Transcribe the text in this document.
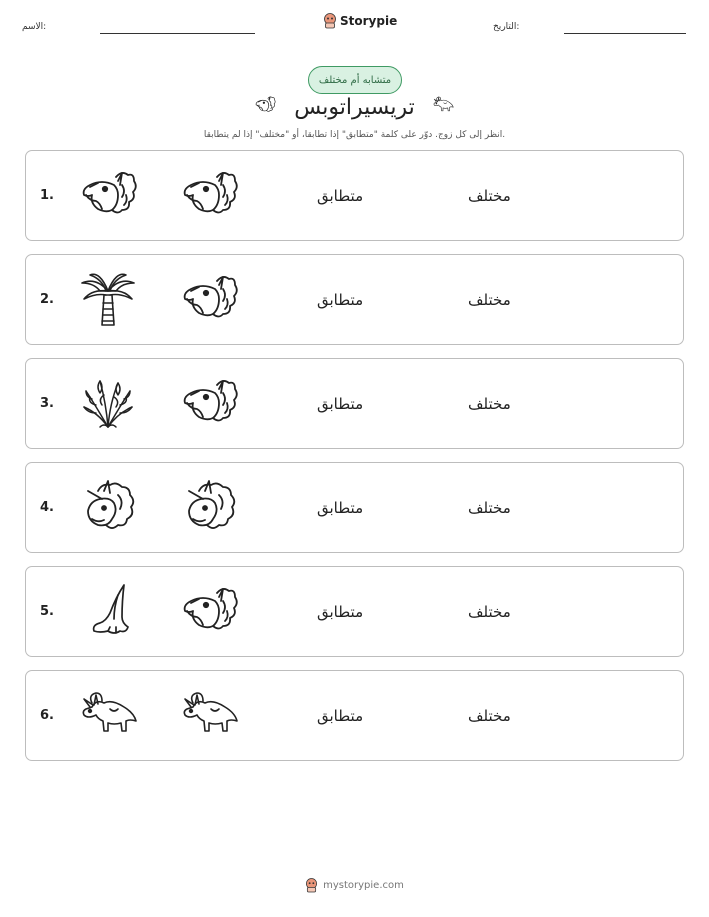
الاسم:	Storypie	التاريخ:
متشابه أم مختلف
تريسيراتوبس
انظر إلى كل زوج. دوّر على كلمة "متطابق" إذا تطابقا، أو "مختلف" إذا لم يتطابقا.
1.	متطابق	مختلف
2.	متطابق	مختلف
3.	متطابق	مختلف
4.	متطابق	مختلف
5.	متطابق	مختلف
6.	متطابق	مختلف
mystorypie.com
